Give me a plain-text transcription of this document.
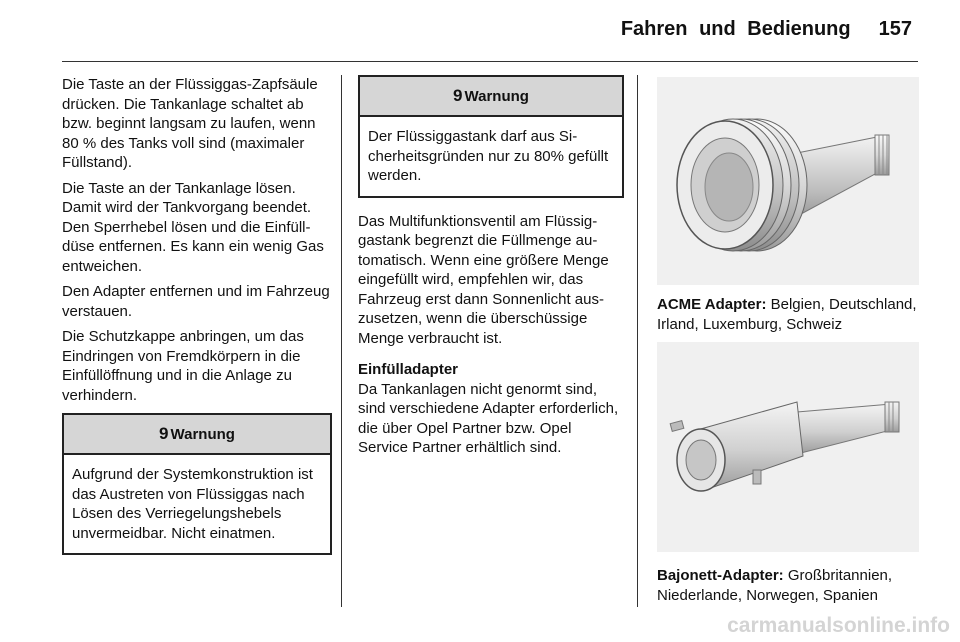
Fahren und Bedienung 157

Die Taste an der Flüssiggas-Zapfsäule drücken. Die Tankanlage schaltet ab bzw. beginnt langsam zu laufen, wenn 80 % des Tanks voll sind (maximaler Füllstand).

Die Taste an der Tankanlage lösen. Damit wird der Tankvorgang beendet. Den Sperrhebel lösen und die Einfülldüse entfernen. Es kann ein wenig Gas entweichen.

Den Adapter entfernen und im Fahrzeug verstauen.

Die Schutzkappe anbringen, um das Eindringen von Fremdkörpern in die Einfüllöffnung und in die Anlage zu verhindern.

9 Warnung
Aufgrund der Systemkonstruktion ist das Austreten von Flüssiggas nach Lösen des Verriegelungshebels unvermeidbar. Nicht einatmen.
9 Warnung
Der Flüssiggastank darf aus Sicherheitsgründen nur zu 80% gefüllt werden.

Das Multifunktionsventil am Flüssiggastank begrenzt die Füllmenge automatisch. Wenn eine größere Menge eingefüllt wird, empfehlen wir, das Fahrzeug erst dann Sonnenlicht auszusetzen, wenn die überschüssige Menge verbraucht ist.

Einfülladapter

Da Tankanlagen nicht genormt sind, sind verschiedene Adapter erforderlich, die über Opel Partner bzw. Opel Service Partner erhältlich sind.

ACME Adapter: Belgien, Deutschland, Irland, Luxemburg, Schweiz
Bajonett-Adapter: Großbritannien, Niederlande, Norwegen, Spanien
carmanualsonline.info
